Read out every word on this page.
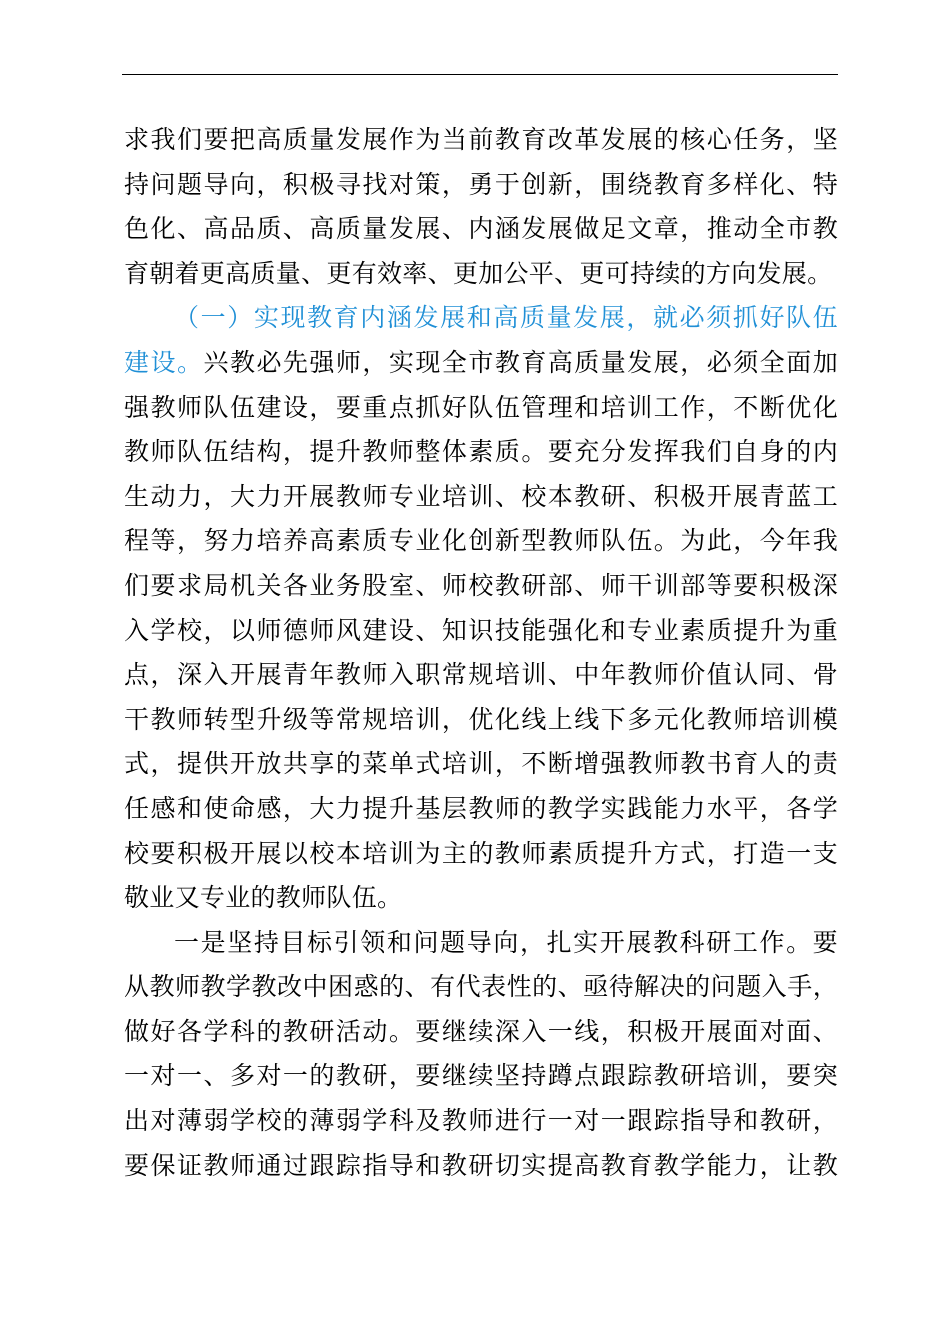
求我们要把高质量发展作为当前教育改革发展的核心任务，坚
持问题导向，积极寻找对策，勇于创新，围绕教育多样化、特
色化、高品质、高质量发展、内涵发展做足文章，推动全市教
育朝着更高质量、更有效率、更加公平、更可持续的方向发展。
（一）实现教育内涵发展和高质量发展，就必须抓好队伍
建设。兴教必先强师，实现全市教育高质量发展，必须全面加
强教师队伍建设，要重点抓好队伍管理和培训工作，不断优化
教师队伍结构，提升教师整体素质。要充分发挥我们自身的内
生动力，大力开展教师专业培训、校本教研、积极开展青蓝工
程等，努力培养高素质专业化创新型教师队伍。为此，今年我
们要求局机关各业务股室、师校教研部、师干训部等要积极深
入学校，以师德师风建设、知识技能强化和专业素质提升为重
点，深入开展青年教师入职常规培训、中年教师价值认同、骨
干教师转型升级等常规培训，优化线上线下多元化教师培训模
式，提供开放共享的菜单式培训，不断增强教师教书育人的责
任感和使命感，大力提升基层教师的教学实践能力水平，各学
校要积极开展以校本培训为主的教师素质提升方式，打造一支
敬业又专业的教师队伍。
一是坚持目标引领和问题导向，扎实开展教科研工作。要
从教师教学教改中困惑的、有代表性的、亟待解决的问题入手，
做好各学科的教研活动。要继续深入一线，积极开展面对面、
一对一、多对一的教研，要继续坚持蹲点跟踪教研培训，要突
出对薄弱学校的薄弱学科及教师进行一对一跟踪指导和教研，
要保证教师通过跟踪指导和教研切实提高教育教学能力，让教
